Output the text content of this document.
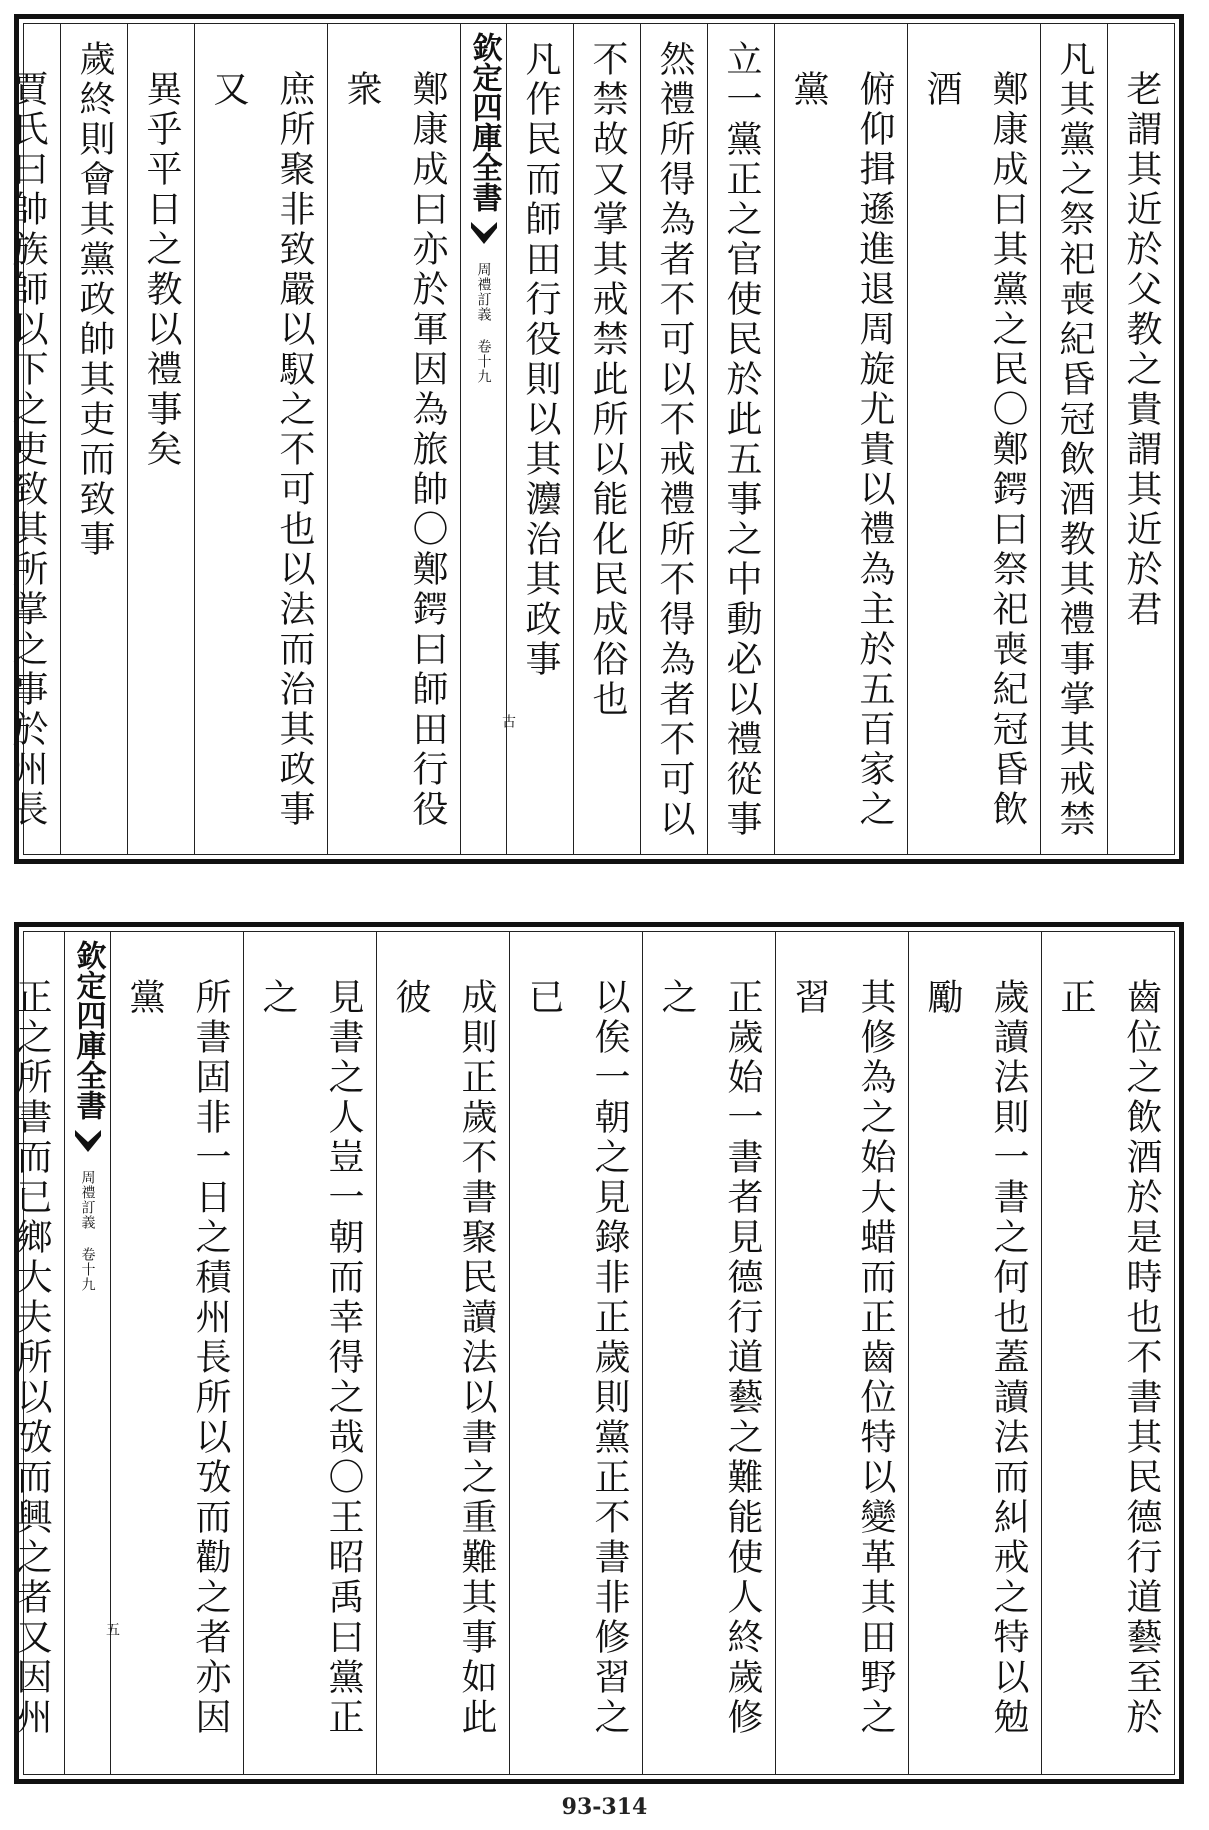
老謂其近於父教之貴謂其近於君
凡其黨之祭祀喪紀昏冠飲酒教其禮事掌其戒禁
鄭康成曰其黨之民〇鄭鍔曰祭祀喪紀冠昏飲酒
俯仰揖遜進退周旋尤貴以禮為主於五百家之黨
立一黨正之官使民於此五事之中動必以禮從事
然禮所得為者不可以不戒禮所不得為者不可以
不禁故又掌其戒禁此所以能化民成俗也
凡作民而師田行役則以其灋治其政事
欽定四庫全書
周禮訂義 卷十九
古
鄭康成曰亦於軍因為旅帥〇鄭鍔曰師田行役衆
庶所聚非致嚴以馭之不可也以法而治其政事又
異乎平日之教以禮事矣
歲終則會其黨政帥其吏而致事
賈氏曰帥族師以下之吏致其所掌之事於州長
齒位之飲酒於是時也不書其民德行道藝至於正
歲讀法則一書之何也蓋讀法而糾戒之特以勉勵
其修為之始大蜡而正齒位特以變革其田野之習
正歲始一書者見德行道藝之難能使人終歲修之
以俟一朝之見錄非正歲則黨正不書非修習之已
成則正歲不書聚民讀法以書之重難其事如此彼
見書之人豈一朝而幸得之哉〇王昭禹曰黨正之
所書固非一日之積州長所以攷而勸之者亦因黨
欽定四庫全書
周禮訂義 卷十九
五
正之所書而已鄉大夫所以攷而興之者又因州
93-314
